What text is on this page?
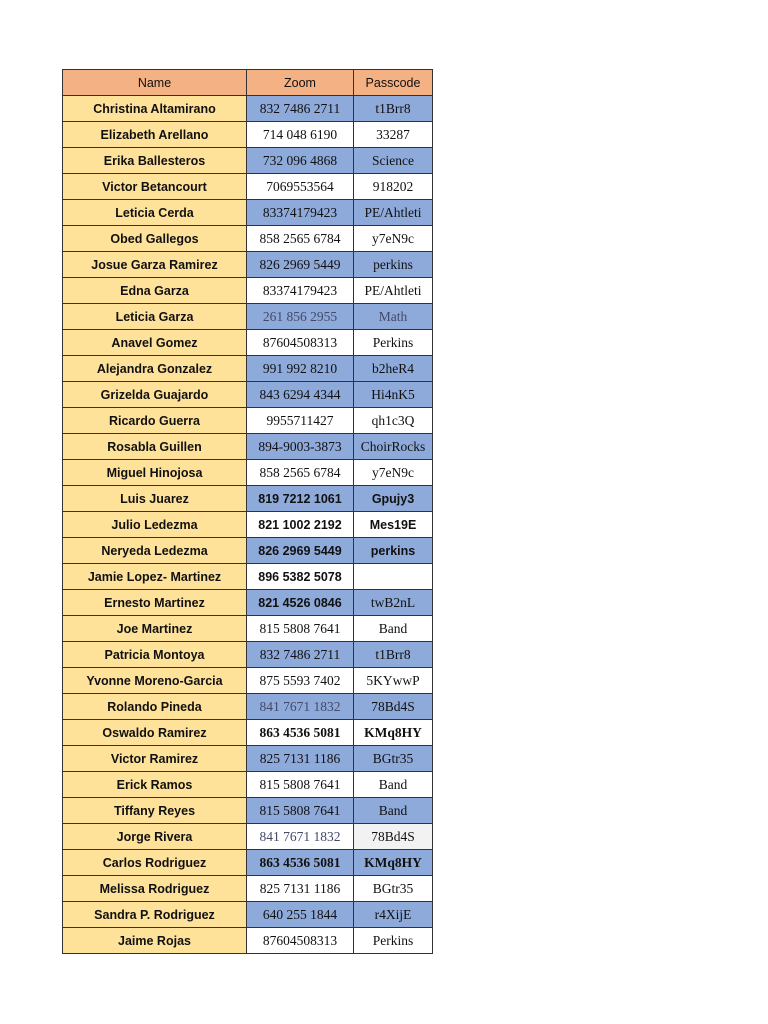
Name	Zoom	Passcode
Christina Altamirano	832 7486 2711	t1Brr8
Elizabeth Arellano	714 048 6190	33287
Erika Ballesteros	732 096 4868	Science
Victor Betancourt	7069553564	918202
Leticia Cerda	83374179423	PE/Ahtleti
Obed Gallegos	858 2565 6784	y7eN9c
Josue Garza Ramirez	826 2969 5449	perkins
Edna Garza	83374179423	PE/Ahtleti
Leticia Garza	261 856 2955	Math
Anavel Gomez	87604508313	Perkins
Alejandra Gonzalez	991 992 8210	b2heR4
Grizelda Guajardo	843 6294 4344	Hi4nK5
Ricardo Guerra	9955711427	qh1c3Q
Rosabla Guillen	894-9003-3873	ChoirRocks
Miguel Hinojosa	858 2565 6784	y7eN9c
Luis Juarez	819 7212 1061	Gpujy3
Julio Ledezma	821 1002 2192	Mes19E
Neryeda Ledezma	826 2969 5449	perkins
Jamie Lopez- Martinez	896 5382 5078	
Ernesto Martinez	821 4526 0846	twB2nL
Joe Martinez	815 5808 7641	Band
Patricia Montoya	832 7486 2711	t1Brr8
Yvonne Moreno-Garcia	875 5593 7402	5KYwwP
Rolando Pineda	841 7671 1832	78Bd4S
Oswaldo Ramirez	863 4536 5081	KMq8HY
Victor Ramirez	825 7131 1186	BGtr35
Erick Ramos	815 5808 7641	Band
Tiffany Reyes	815 5808 7641	Band
Jorge Rivera	841 7671 1832	78Bd4S
Carlos Rodriguez	863 4536 5081	KMq8HY
Melissa Rodriguez	825 7131 1186	BGtr35
Sandra P. Rodriguez	640 255 1844	r4XijE
Jaime Rojas	87604508313	Perkins
